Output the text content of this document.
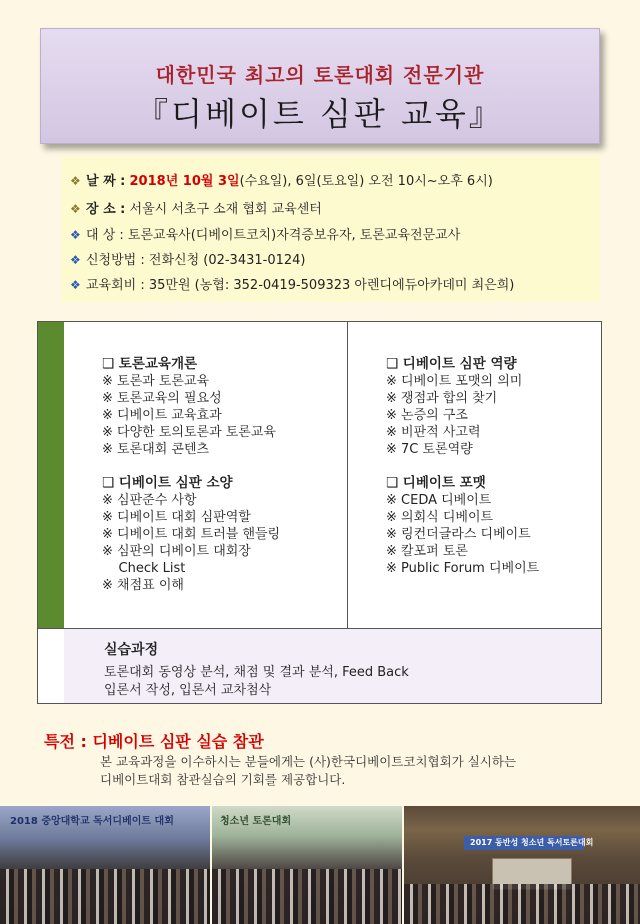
대한민국 최고의 토론대회 전문기관
『디베이트 심판 교육』
❖ 날 짜 : 2018년 10월 3일(수요일), 6일(토요일) 오전 10시~오후 6시)
❖ 장 소 : 서울시 서초구 소재 협회 교육센터
❖ 대 상 : 토론교육사(디베이트코치)자격증보유자, 토론교육전문교사
❖ 신청방법 : 전화신청 (02-3431-0124)
❖ 교육회비 : 35만원 (농협: 352-0419-509323 아렌디에듀아카데미 최은희)
❑ 토론교육개론
※ 토론과 토론교육
※ 토론교육의 필요성
※ 디베이트 교육효과
※ 다양한 토의토론과 토론교육
※ 토론대회 콘텐츠
❑ 디베이트 심판 소양
※ 심판준수 사항
※ 디베이트 대회 심판역할
※ 디베이트 대회 트러블 핸들링
※ 심판의 디베이트 대회장
Check List
※ 채점표 이해
❑ 디베이트 심판 역량
※ 디베이트 포맷의 의미
※ 쟁점과 합의 찾기
※ 논증의 구조
※ 비판적 사고력
※ 7C 토론역량
❑ 디베이트 포맷
※ CEDA 디베이트
※ 의회식 디베이트
※ 링컨더글라스 디베이트
※ 칼포퍼 토론
※ Public Forum 디베이트
실습과정
토론대회 동영상 분석, 채점 및 결과 분석, Feed Back
입론서 작성, 입론서 교차첨삭
특전 : 디베이트 심판 실습 참관
본 교육과정을 이수하시는 분들에게는 (사)한국디베이트코치협회가 실시하는
디베이트대회 참관실습의 기회를 제공합니다.
2018 중앙대학교 독서디베이트 대회	청소년 토론대회
2017 동반성 청소년 독서토론대회
